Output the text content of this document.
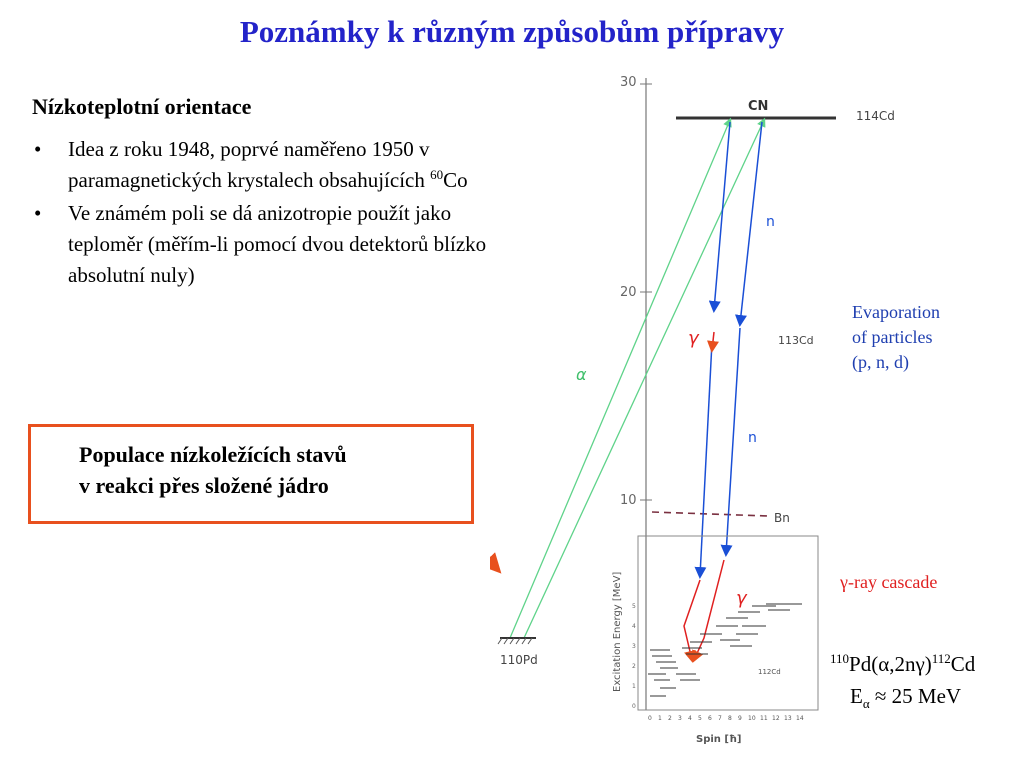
Poznámky k různým způsobům přípravy
Nízkoteplotní orientace
• Idea z roku 1948, poprvé naměřeno 1950 v paramagnetických krystalech obsahujících $^{60}$Co
• Ve známém poli se dá anizotropie použít jako teploměr (měřím-li pomocí dvou detektorů blízko absolutní nuly)
Populace nízkoležících stavů
v reakci přes složené jádro
30
20
10
CN
114Cd
113Cd
Bn
α
110Pd
n
n
γ
γ
Excitation Energy [MeV] 5
4
3
2
1
0
112Cd
0 1 2 3 4 5 6 7 8 9 10 11 12 13 14
Spin [ħ]
Evaporation
of particles
(p, n, d)
γ-ray cascade
$^{110}Pd(\alpha,2n\gamma)^{112}Cd$
$E_\alpha \approx 25$ MeV
